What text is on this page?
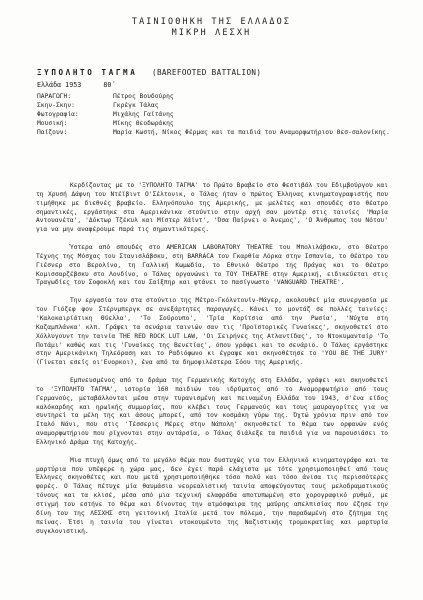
ΤΑΙΝΙΟΘΗΚΗ ΤΗΣ ΕΛΛΑΔΟΣ
ΜΙΚΡΗ ΛΕΣΧΗ
ΞΥΠΟΛΗΤΟ ΤΑΓΜΑ (BAREFOOTED BATTALION)
Ελλάδα 1953	80΄
ΠΑΡΑΓΩΓΗ:	Πέτρος Βουδούρης
Σκην-Σκην:	Γκρέγκ Τάλας
Φωτογραφία:	Μιχάλης Γαϊτάνης
Μουσική:	Μίκης Θεοδωράκης
Παίζουν:	Μαρία Κωστή, Νίκος Φέρμας και τα παιδιά του Αναμορφωτήριου Θεσ-σαλονίκης.

Κερδίζοντας με το 'ΞΥΠΟΛΗΤΟ ΤΑΓΜΑ' το Πρώτο Βραβείο στο Φεστιβάλ του Εδιμβούργου και τη Χρυσή Δάφνη του Ντέϊβιντ Ο'Σέλτονικ, ο Τάλας ήταν ο πρώτος Έλληνας κινηματογραφιστής που τιμήθηκε με διεθνές βραβείο. Ελληνόπουλο της Αμερικής, με μελέτες και σπουδές στο θέατρο σημαντικές, εργάστηκε στα Αμερικάνικα στούντιο στην αρχή σαν μοντέρ στις ταινίες 'Μαρία Αντουανέτα', 'Δόκτωρ Τζέκυλ και Μίστερ Χάϊντ', 'Όσα Παίρνει ο Άνεμος', 'Ο Άνθρωπος του Νότου' για να μην αναφέρουμε παρά τις σημαντικότερες.

Ύστερα από σπουδές στο AMERICAN LABORATORY THEATRE του Μπολιλάβσκυ, στο Θέατρο Τέχνης της Μόσχας του Στανισλάβσκυ, στη BARRACA του Γκαρθία Λόρκα στην Ισπανία, το Θέατρο του Γιέσνερ στο Βερολίνο, τη Γαλλική Κωμωδία, το Εθνικό Θέατρο της Πράγας και το Θέατρο Κομισσαρζέβσκυ στο Λονδίνο, ο Τάλας οργανώνει το TOY THEATRE στην Αμερική, ειδικεύεται στις Τραγωδίες του Σοφοκλή και του Σαίξπηρ και φτάνει το πασίγνωστο 'VANGUARD THEATRE'.

Την εργασία του στα στούντιο της Μέτρο-Γκόλντουϊν-Μάγερ, ακολουθεί μία συνεργασία με τον Γιόζεφ φον Στέρνμπεργκ σε ανεξάρτητες παραγωγές. Κάνει το μοντάζ σε πολλές ταινίες: 'Καλοκαιρίάτικη Θύελλα', 'Το Σούρουπο', 'Τρία Κορίτσια από την Ρωσία', 'Νύχτα στη Καζαμπλάνκα' κλπ. Γράφει τα σενάρια ταινιών σαν τις 'Προϊστορικές Γυναίκες', σκηνοθετεί στο Χόλλυγουντ την ταινία THE RED ROCK LUT LAW, 'Οι Σειρήνες της Ατλαντίδας', το Ντοκυμανταίρ 'Το Ποτάμι' καθώς και τις 'Γυναίκες της Βενετίας', όπου γράφει και το σενάριο. Ο Τάλας εργάστηκε στην Αμερικάνικη Τηλεόραση και το Ραδιόφωνο κι έγραψε και σκηνοθέτησε το 'YOU BE THE JURY' (Γίνεται εσείς οι'Ενορκοι), ένα από τα δημοφιλέστερα Σόου της Αμερικής.

Εμπνευσμένος από το δράμα της Γερμανικής Κατοχής στη Ελλάδα, γράφει και σκηνοθετεί το 'ΞΥΠΟΛΗΤΟ ΤΑΓΜΑ', ιστορία 160 παιδιών του ιδρύματος από το Αναμορφωτήριο από τους Γερμανούς, μεταβάλλονται μέσα στην τυρανισμένη και πειναμένη Ελλάδα του 1943, σ'ένα είδος καλόκαρδης και ηρωϊκής συμμορίας, που κλέβει τους Γερμανούς και τους μαυραγορίτες για να συντηρεί τα μέλη της και άσους μπορεί, από τον κοσμάκη γύρω της. Όχτώ χρόνια πριν από τον Ιταλό Νάνι, που στις 'Τέσσερις Μέρες στην Νάπολη' σκηνοθετεί το θέμα των ορφανών ενός αναμορφωτήριου που ρίχνονται στην αντάρσία, ο Τάλας διάλεξε τα παιδιά για να παρουσιάσει το Ελληνικό Δράμα της Κατοχής.

Μια πτυχή όμως από το μεγάλο θέμα που δυστυχώς για τον Ελληνικό κινηματογράφο και τα μαρτύρια που υπέφερε η χώρα μας, δεν έχει παρά ελάχιστα με τότε χρησιμοποιηθεί από τους Έλληνες σκηνοθέτες και που μετά χρησιμοποιήθηκε τόσο πολύ και τόσο άνισα τις περισσότερες φορές. Ο Τάλας πέτυχε μία θαυμάσια νεορεαλιστική ταινία αποφεύγοντας τους μελοδραματικούς τόνους και τα κλισέ, μέσα από μια τεχνική ελαφράδα αποτυπωμένη στο χορογραφικό ρυθμό, με στιγμή του εστήνε το θέμα και δίνοντας την ατμόσφαιρα της μαύρης απελπισίας που έζησε την δίνη του της ΛΕΣΧΗΣ στη γειτονική Ιταλία μετά τον πόλεμο, την παραδωμένη στο ζήτημα της πείνας. Έτσι η ταινία του γίνεται ντοκουμέντο της Ναζιστικής τρομοκρατίας και μαρτυρία συγκλονιστική.
